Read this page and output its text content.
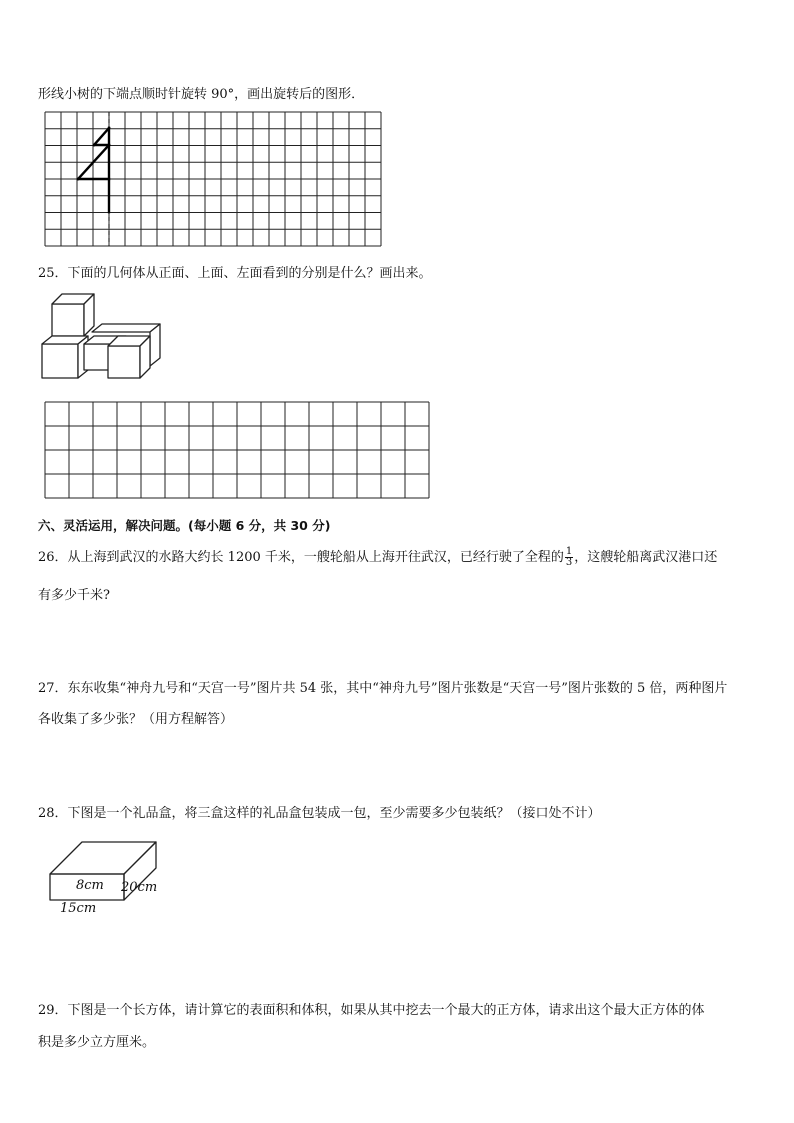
形线小树的下端点顺时针旋转 90°，画出旋转后的图形．
25．下面的几何体从正面、上面、左面看到的分别是什么？画出来。
六、灵活运用，解决问题。(每小题 6 分，共 30 分)
26．从上海到武汉的水路大约长 1200 千米，一艘轮船从上海开往武汉，已经行驶了全程的 $\frac{1}{3}$ ，这艘轮船离武汉港口还
有多少千米?
27．东东收集“神舟九号和“天宫一号”图片共 54 张，其中“神舟九号”图片张数是“天宫一号”图片张数的 5 倍，两种图片
各收集了多少张？（用方程解答）
28．下图是一个礼品盒，将三盒这样的礼品盒包装成一包，至少需要多少包装纸？（接口处不计）
8cm 20cm
15cm
29．下图是一个长方体，请计算它的表面积和体积，如果从其中挖去一个最大的正方体，请求出这个最大正方体的体
积是多少立方厘米。
